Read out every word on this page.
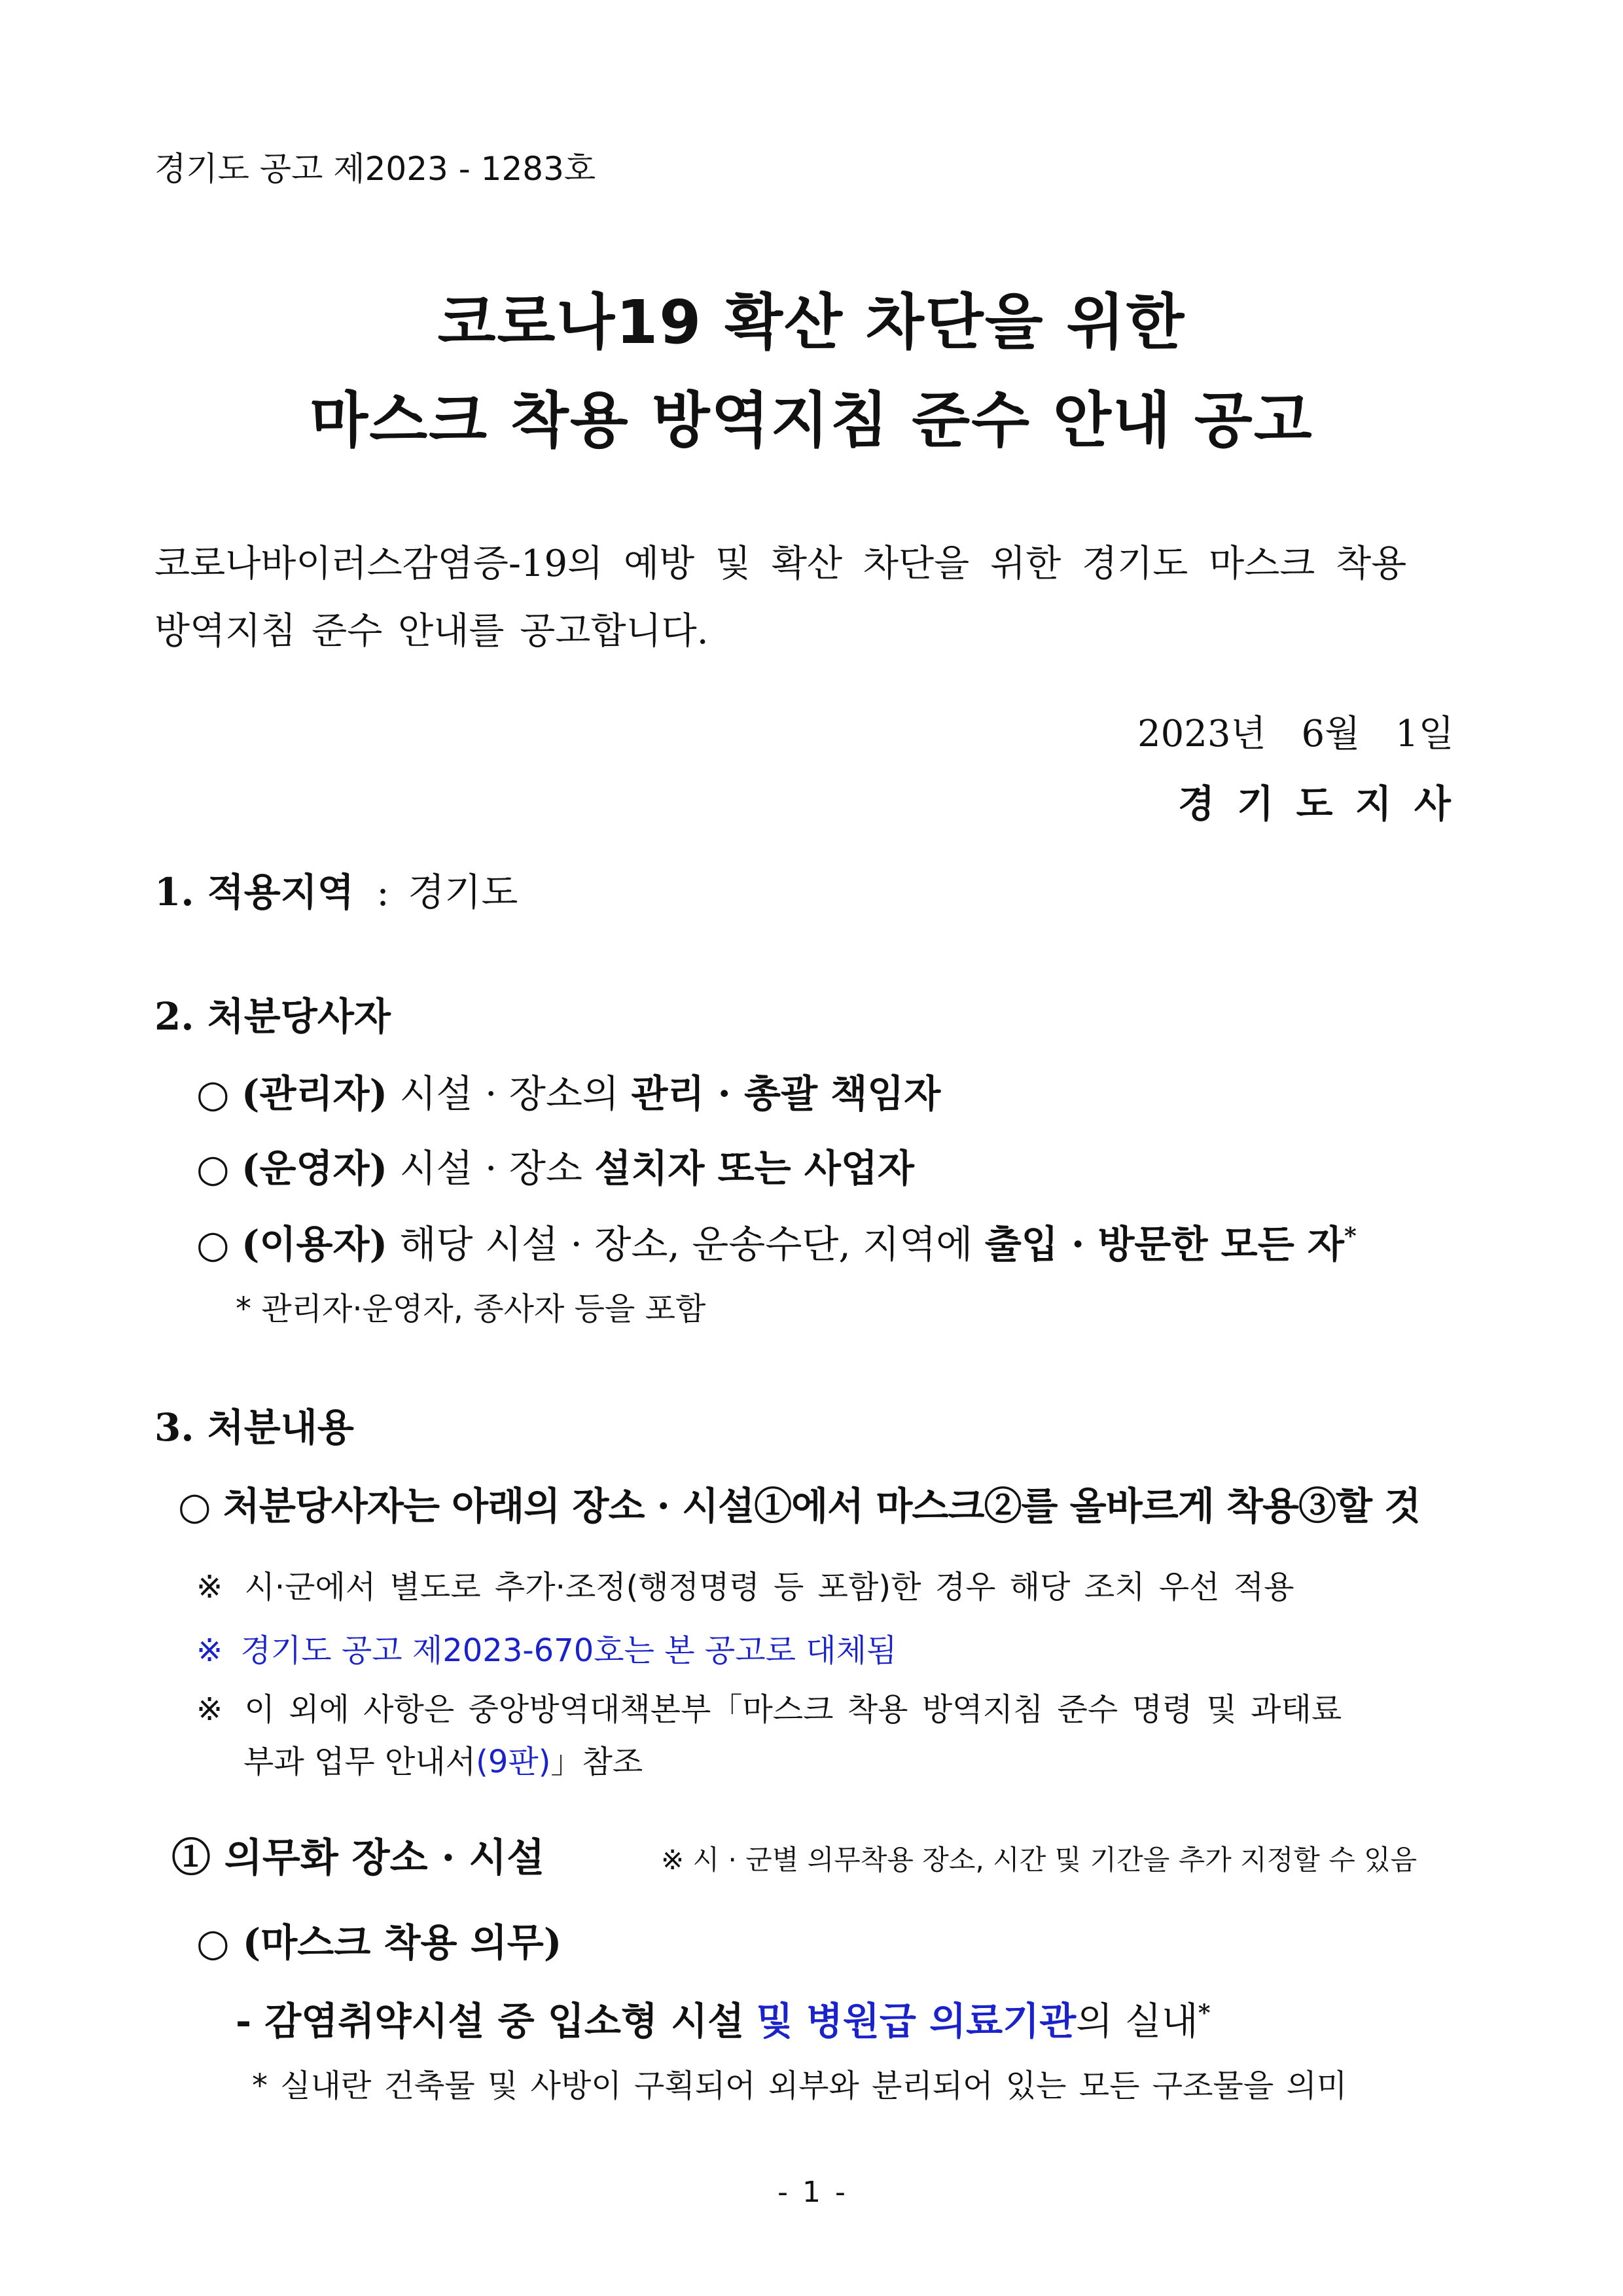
경기도 공고 제2023 - 1283호
코로나19 확산 차단을 위한
마스크 착용 방역지침 준수 안내 공고
코로나바이러스감염증-19의 예방 및 확산 차단을 위한 경기도 마스크 착용
방역지침 준수 안내를 공고합니다.
2023년 6월 1일
경 기 도 지 사
1. 적용지역 : 경기도
2. 처분당사자
○ (관리자) 시설 · 장소의 관리 · 총괄 책임자
○ (운영자) 시설 · 장소 설치자 또는 사업자
○ (이용자) 해당 시설 · 장소, 운송수단, 지역에 출입 · 방문한 모든 자*
* 관리자·운영자, 종사자 등을 포함
3. 처분내용
○ 처분당사자는 아래의 장소 · 시설①에서 마스크②를 올바르게 착용③할 것
※ 시·군에서 별도로 추가·조정(행정명령 등 포함)한 경우 해당 조치 우선 적용
※ 경기도 공고 제2023-670호는 본 공고로 대체됨
※ 이 외에 사항은 중앙방역대책본부「마스크 착용 방역지침 준수 명령 및 과태료
부과 업무 안내서(9판)」참조
① 의무화 장소 · 시설	※ 시 · 군별 의무착용 장소, 시간 및 기간을 추가 지정할 수 있음
○ (마스크 착용 의무)
- 감염취약시설 중 입소형 시설 및 병원급 의료기관의 실내*
* 실내란 건축물 및 사방이 구획되어 외부와 분리되어 있는 모든 구조물을 의미
- 1 -
